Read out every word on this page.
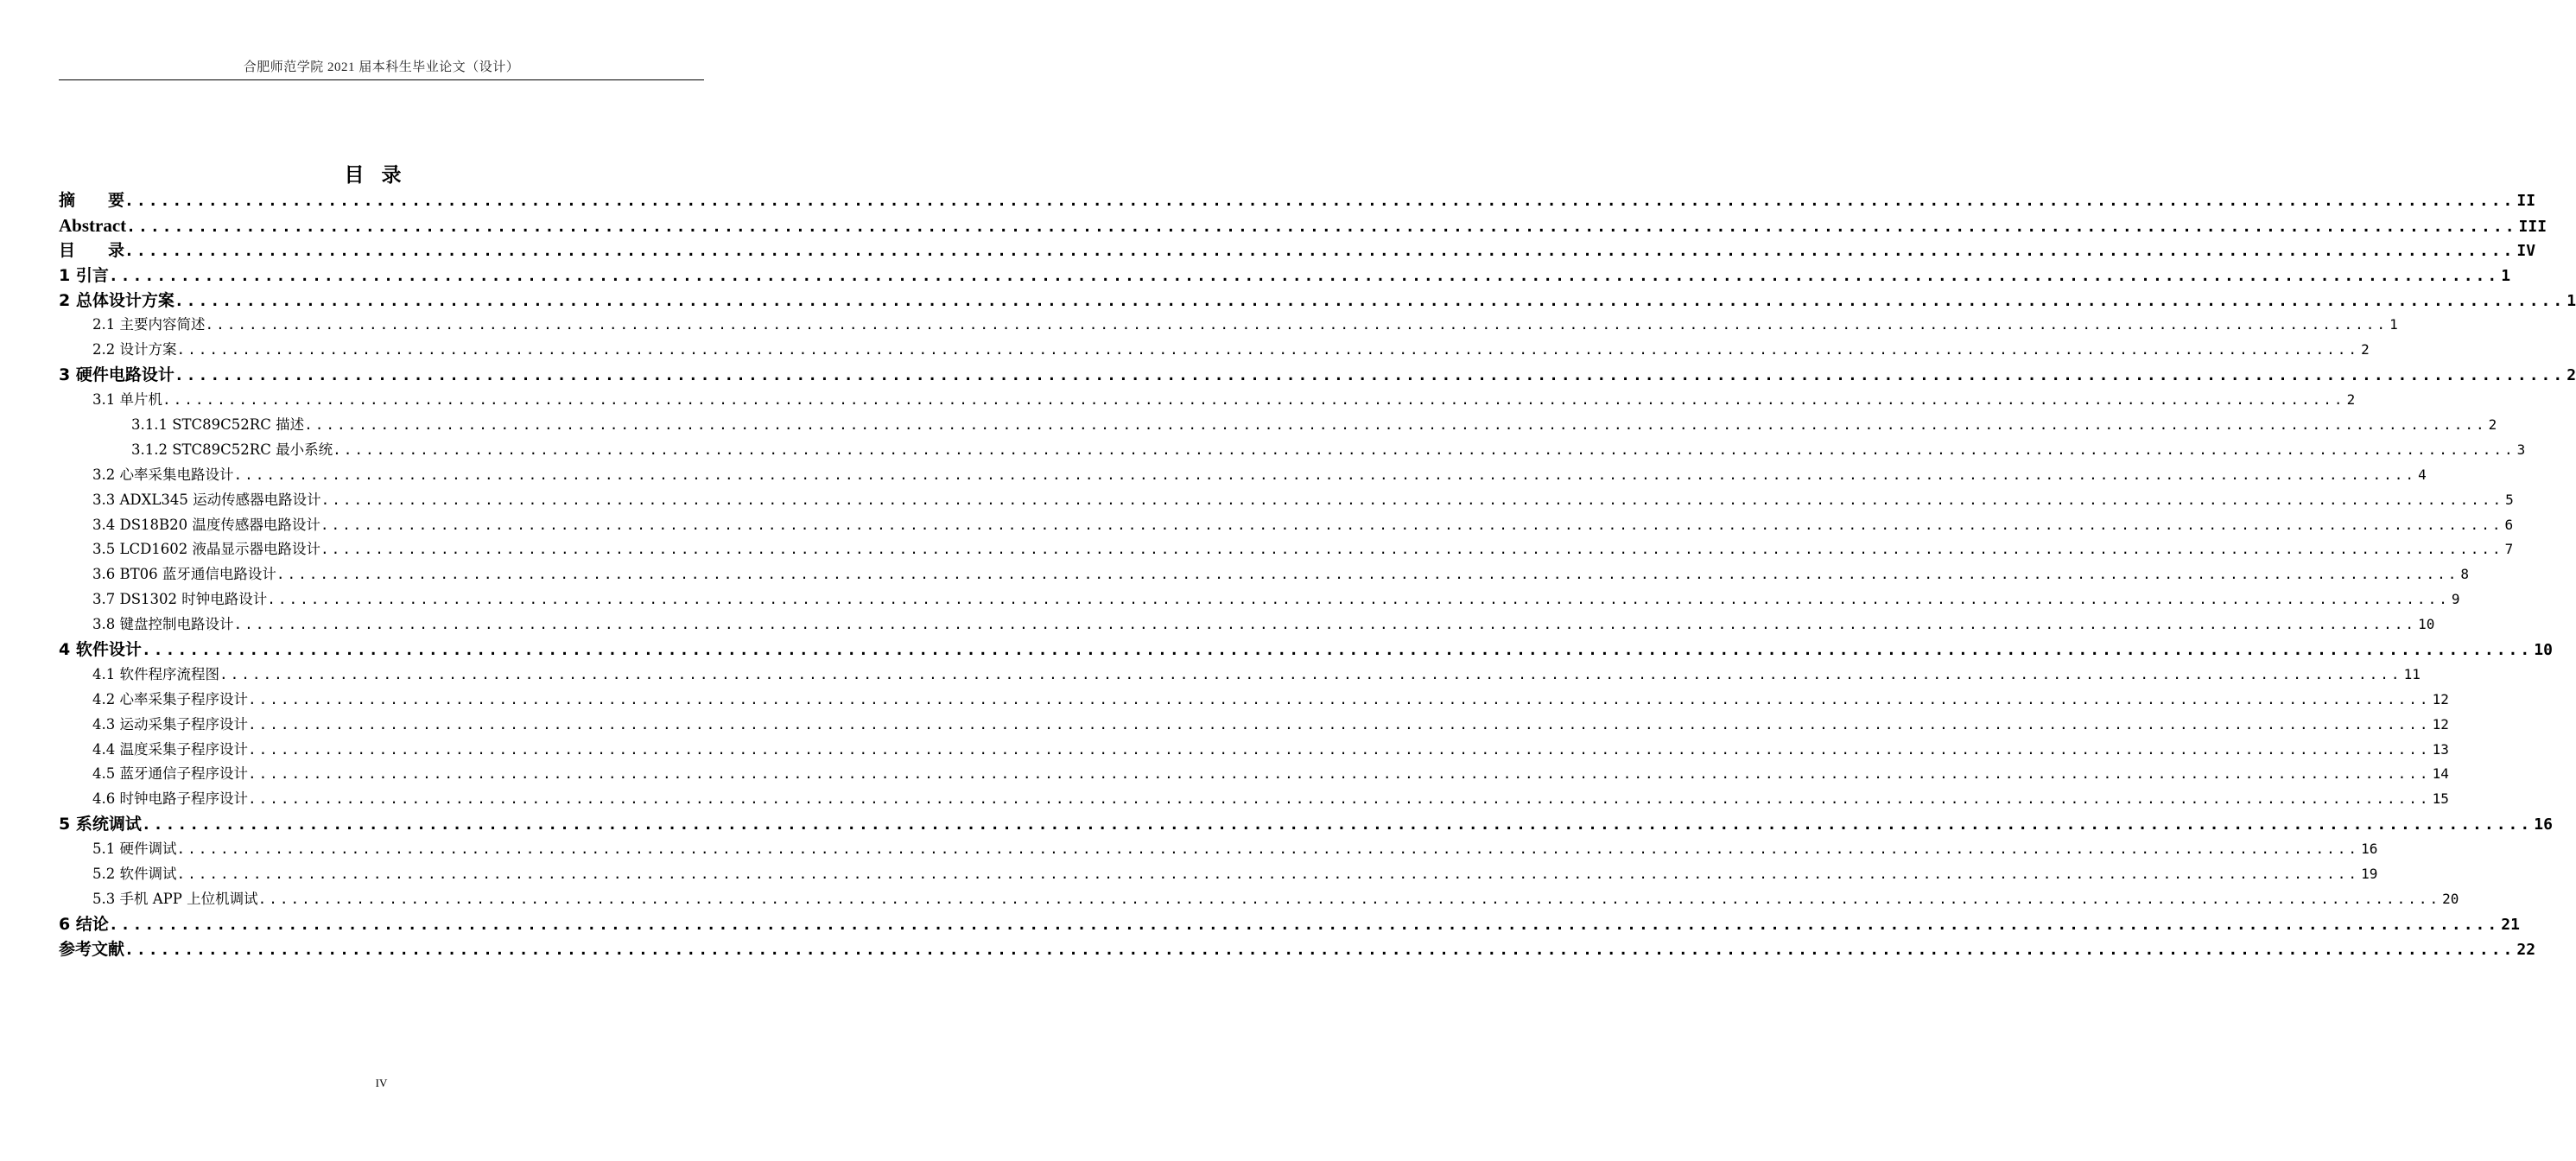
合肥师范学院 2021 届本科生毕业论文（设计）
目录
摘　　要 ........................................................................................................................................................................................................ II
Abstract ........................................................................................................................................................................................................ III
目　　录 ........................................................................................................................................................................................................ IV
1 引言 ........................................................................................................................................................................................................ 1
2 总体设计方案 ........................................................................................................................................................................................................ 1
2.1 主要内容简述 ........................................................................................................................................................................................................ 1
2.2 设计方案 ........................................................................................................................................................................................................ 2
3 硬件电路设计 ........................................................................................................................................................................................................ 2
3.1 单片机 ........................................................................................................................................................................................................ 2
3.1.1 STC89C52RC 描述 ........................................................................................................................................................................................................ 2
3.1.2 STC89C52RC 最小系统 ........................................................................................................................................................................................................ 3
3.2 心率采集电路设计 ........................................................................................................................................................................................................ 4
3.3 ADXL345 运动传感器电路设计 ........................................................................................................................................................................................................ 5
3.4 DS18B20 温度传感器电路设计 ........................................................................................................................................................................................................ 6
3.5 LCD1602 液晶显示器电路设计 ........................................................................................................................................................................................................ 7
3.6 BT06 蓝牙通信电路设计 ........................................................................................................................................................................................................ 8
3.7 DS1302 时钟电路设计 ........................................................................................................................................................................................................ 9
3.8 键盘控制电路设计 ........................................................................................................................................................................................................ 10
4 软件设计 ........................................................................................................................................................................................................ 10
4.1 软件程序流程图 ........................................................................................................................................................................................................ 11
4.2 心率采集子程序设计 ........................................................................................................................................................................................................ 12
4.3 运动采集子程序设计 ........................................................................................................................................................................................................ 12
4.4 温度采集子程序设计 ........................................................................................................................................................................................................ 13
4.5 蓝牙通信子程序设计 ........................................................................................................................................................................................................ 14
4.6 时钟电路子程序设计 ........................................................................................................................................................................................................ 15
5 系统调试 ........................................................................................................................................................................................................ 16
5.1 硬件调试 ........................................................................................................................................................................................................ 16
5.2 软件调试 ........................................................................................................................................................................................................ 19
5.3 手机 APP 上位机调试 ........................................................................................................................................................................................................ 20
6 结论 ........................................................................................................................................................................................................ 21
参考文献 ........................................................................................................................................................................................................ 22
IV
